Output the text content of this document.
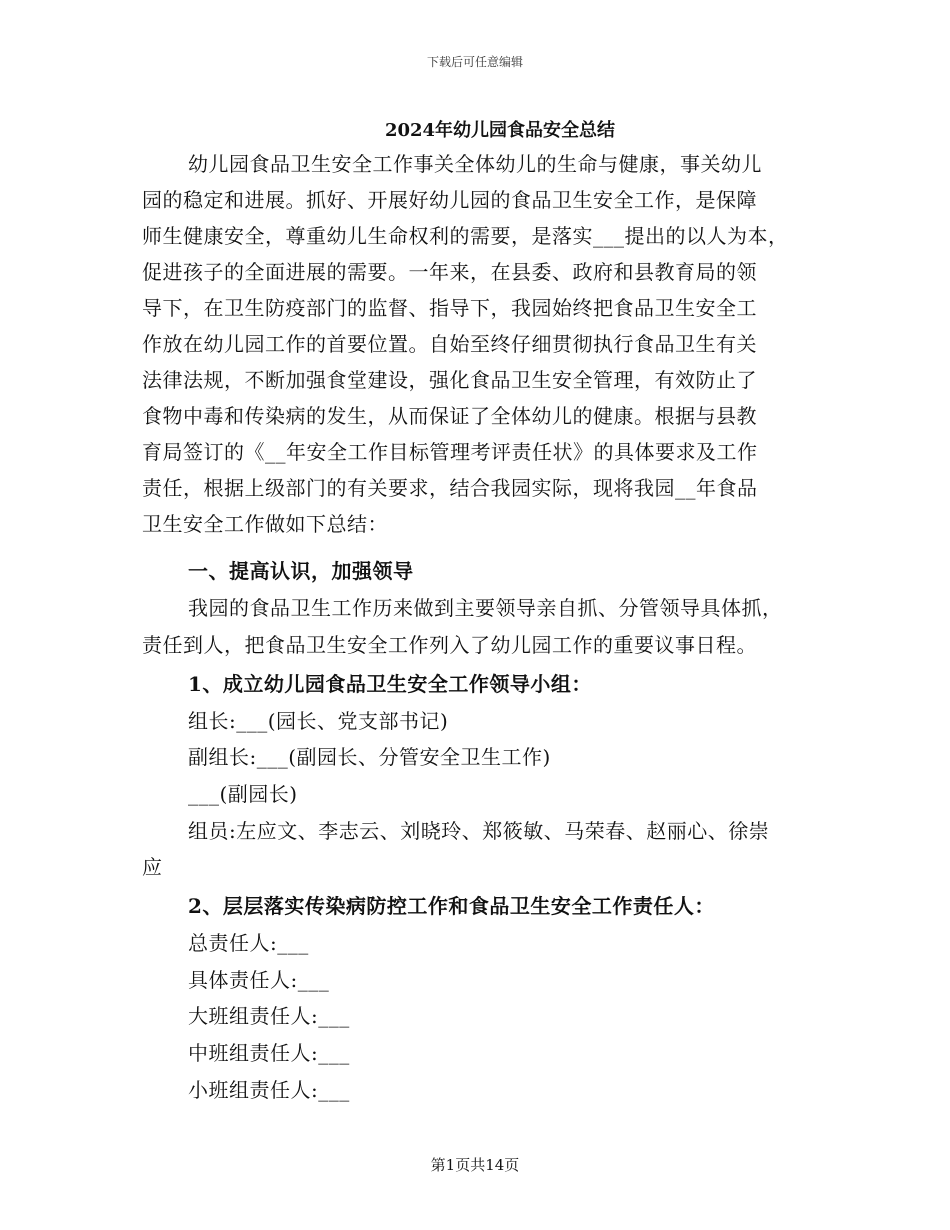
下载后可任意编辑
2024年幼儿园食品安全总结
幼儿园食品卫生安全工作事关全体幼儿的生命与健康，事关幼儿
园的稳定和进展。抓好、开展好幼儿园的食品卫生安全工作，是保障
师生健康安全，尊重幼儿生命权利的需要，是落实___提出的以人为本，
促进孩子的全面进展的需要。一年来，在县委、政府和县教育局的领
导下，在卫生防疫部门的监督、指导下，我园始终把食品卫生安全工
作放在幼儿园工作的首要位置。自始至终仔细贯彻执行食品卫生有关
法律法规，不断加强食堂建设，强化食品卫生安全管理，有效防止了
食物中毒和传染病的发生，从而保证了全体幼儿的健康。根据与县教
育局签订的《__年安全工作目标管理考评责任状》的具体要求及工作
责任，根据上级部门的有关要求，结合我园实际，现将我园__年食品
卫生安全工作做如下总结：
一、提高认识，加强领导
我园的食品卫生工作历来做到主要领导亲自抓、分管领导具体抓，
责任到人，把食品卫生安全工作列入了幼儿园工作的重要议事日程。
1、成立幼儿园食品卫生安全工作领导小组：
组长:___(园长、党支部书记)
副组长:___(副园长、分管安全卫生工作)
___(副园长)
组员:左应文、李志云、刘晓玲、郑筱敏、马荣春、赵丽心、徐崇
应
2、层层落实传染病防控工作和食品卫生安全工作责任人：
总责任人:___
具体责任人:___
大班组责任人:___
中班组责任人:___
小班组责任人:___
第1页共14页
